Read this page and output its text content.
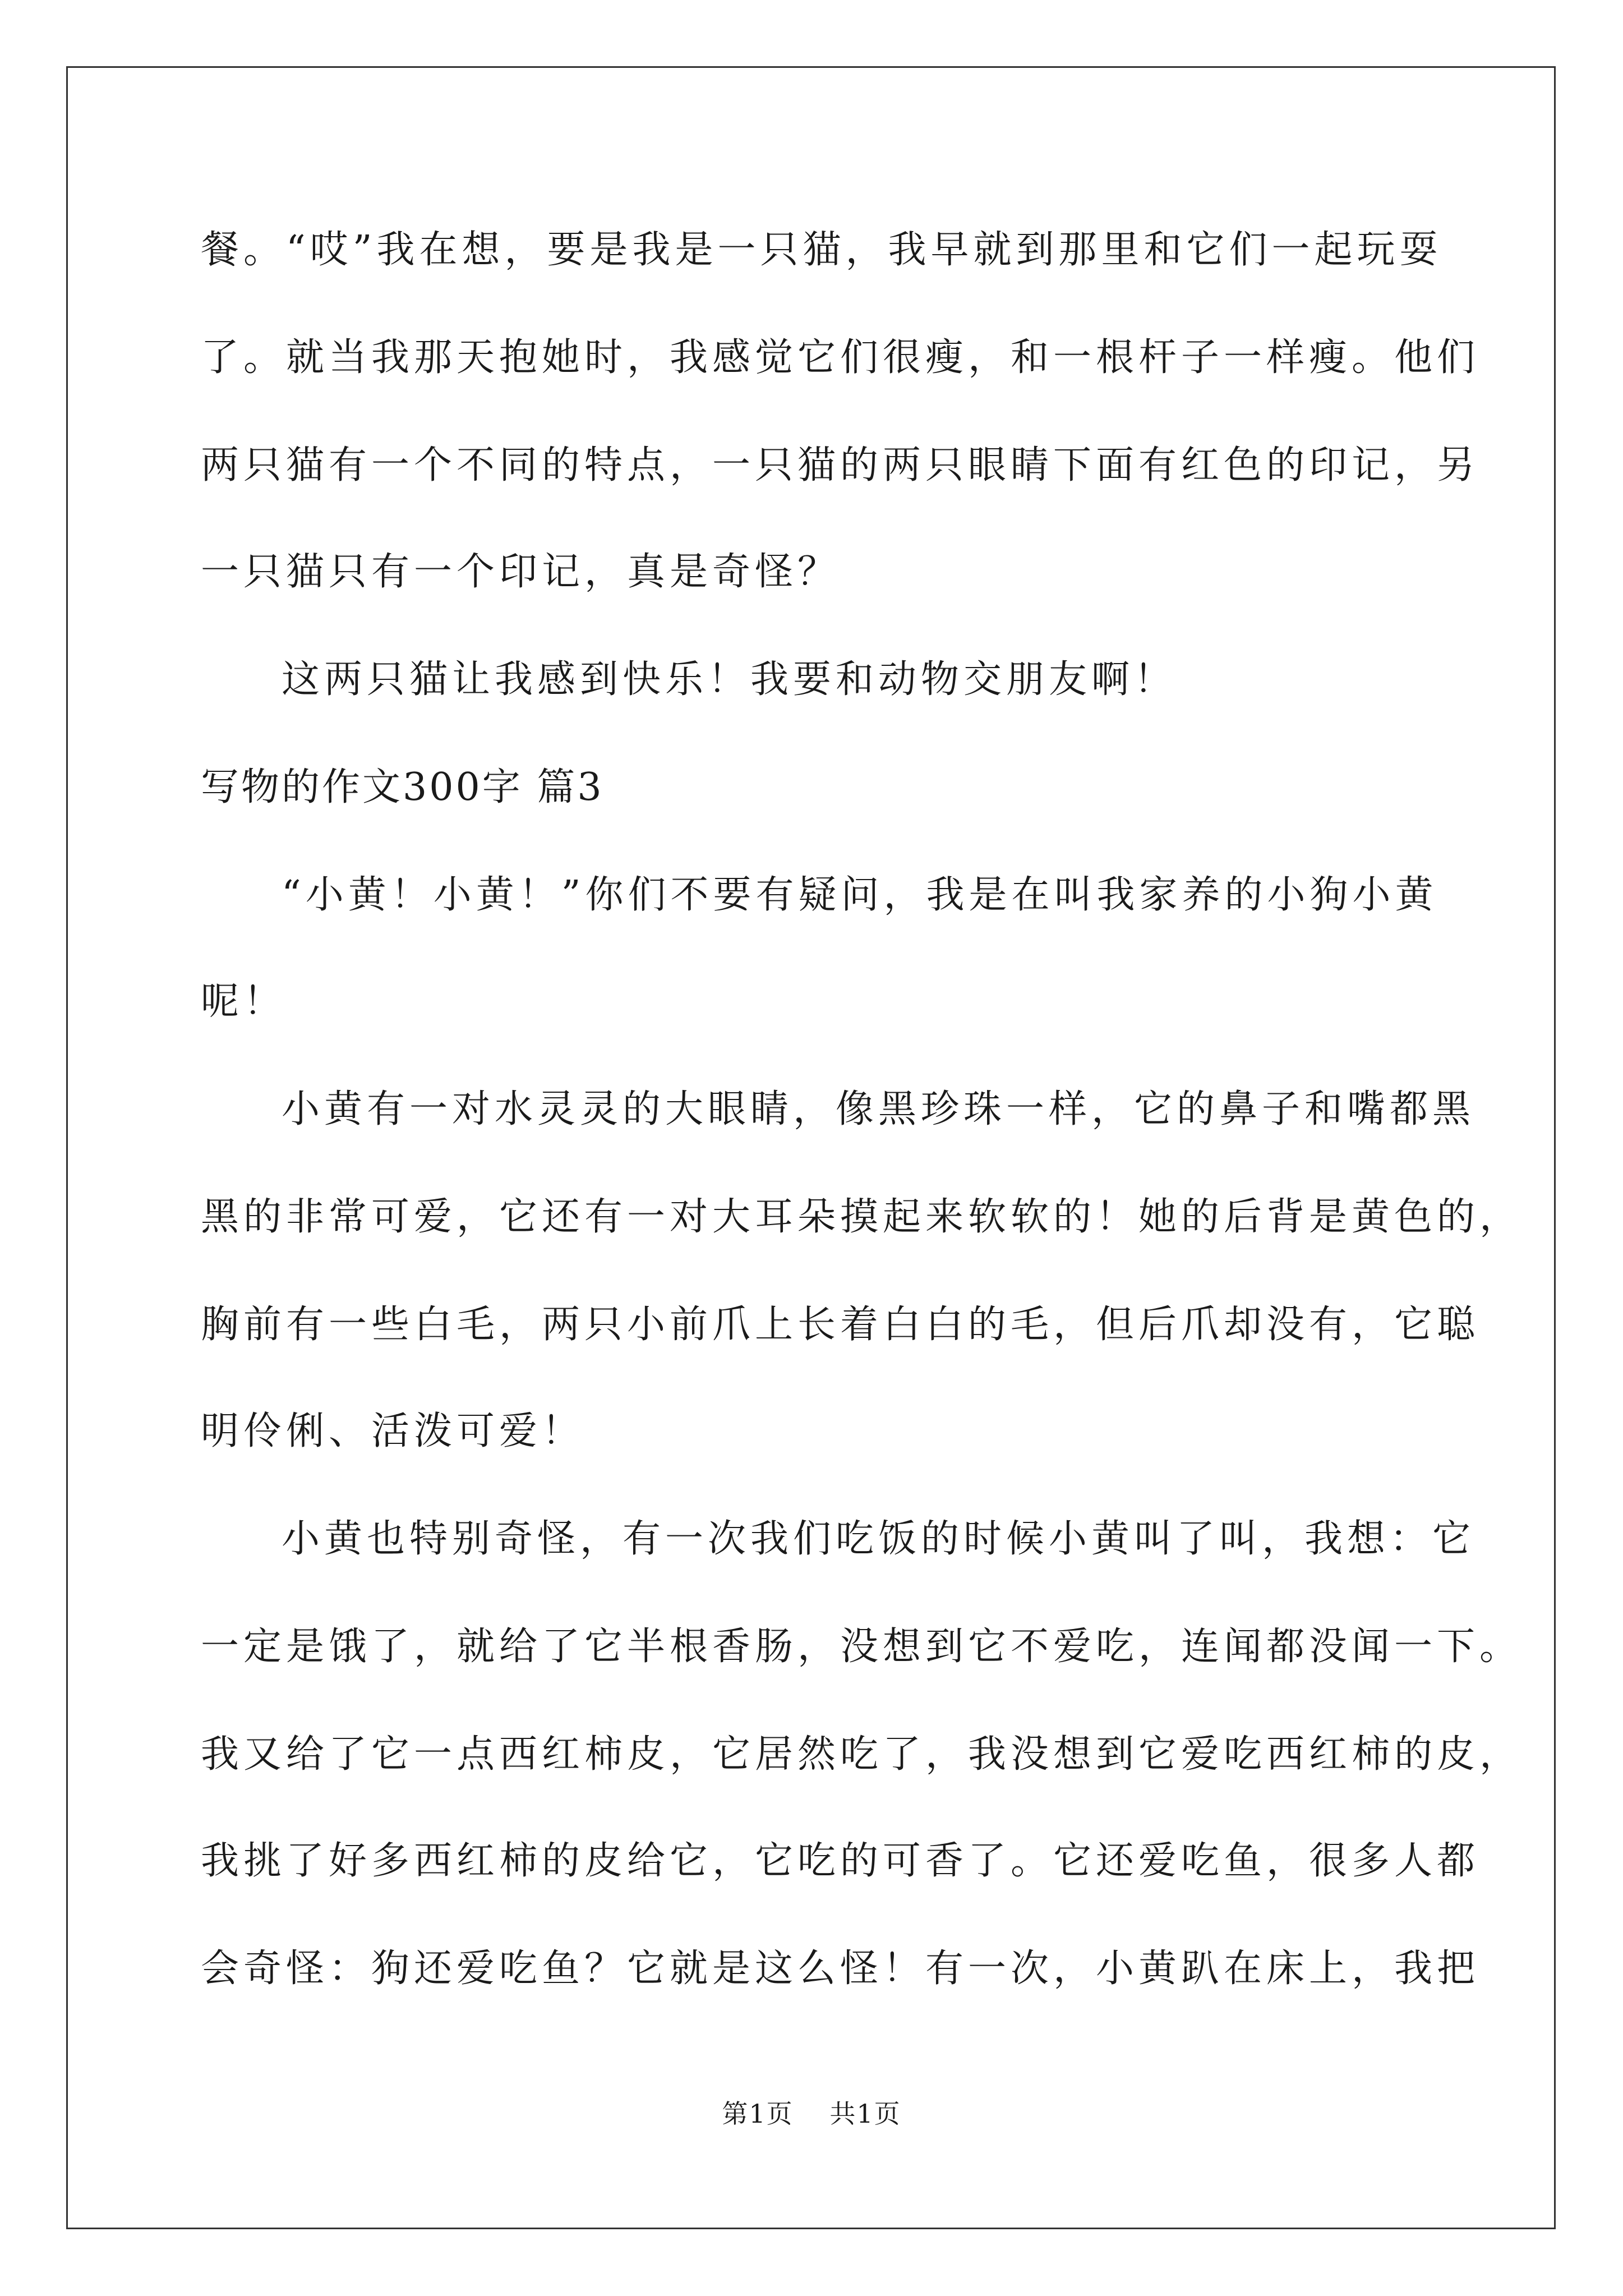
餐。“哎”我在想，要是我是一只猫，我早就到那里和它们一起玩耍
了。就当我那天抱她时，我感觉它们很瘦，和一根杆子一样瘦。他们
两只猫有一个不同的特点，一只猫的两只眼睛下面有红色的印记，另
一只猫只有一个印记，真是奇怪？
这两只猫让我感到快乐！我要和动物交朋友啊！
写物的作文300字 篇3
“小黄！小黄！”你们不要有疑问，我是在叫我家养的小狗小黄
呢！
小黄有一对水灵灵的大眼睛，像黑珍珠一样，它的鼻子和嘴都黑
黑的非常可爱，它还有一对大耳朵摸起来软软的！她的后背是黄色的，
胸前有一些白毛，两只小前爪上长着白白的毛，但后爪却没有，它聪
明伶俐、活泼可爱！
小黄也特别奇怪，有一次我们吃饭的时候小黄叫了叫，我想：它
一定是饿了，就给了它半根香肠，没想到它不爱吃，连闻都没闻一下。
我又给了它一点西红柿皮，它居然吃了，我没想到它爱吃西红柿的皮，
我挑了好多西红柿的皮给它，它吃的可香了。它还爱吃鱼，很多人都
会奇怪：狗还爱吃鱼？它就是这么怪！有一次，小黄趴在床上，我把
第1页 共1页
